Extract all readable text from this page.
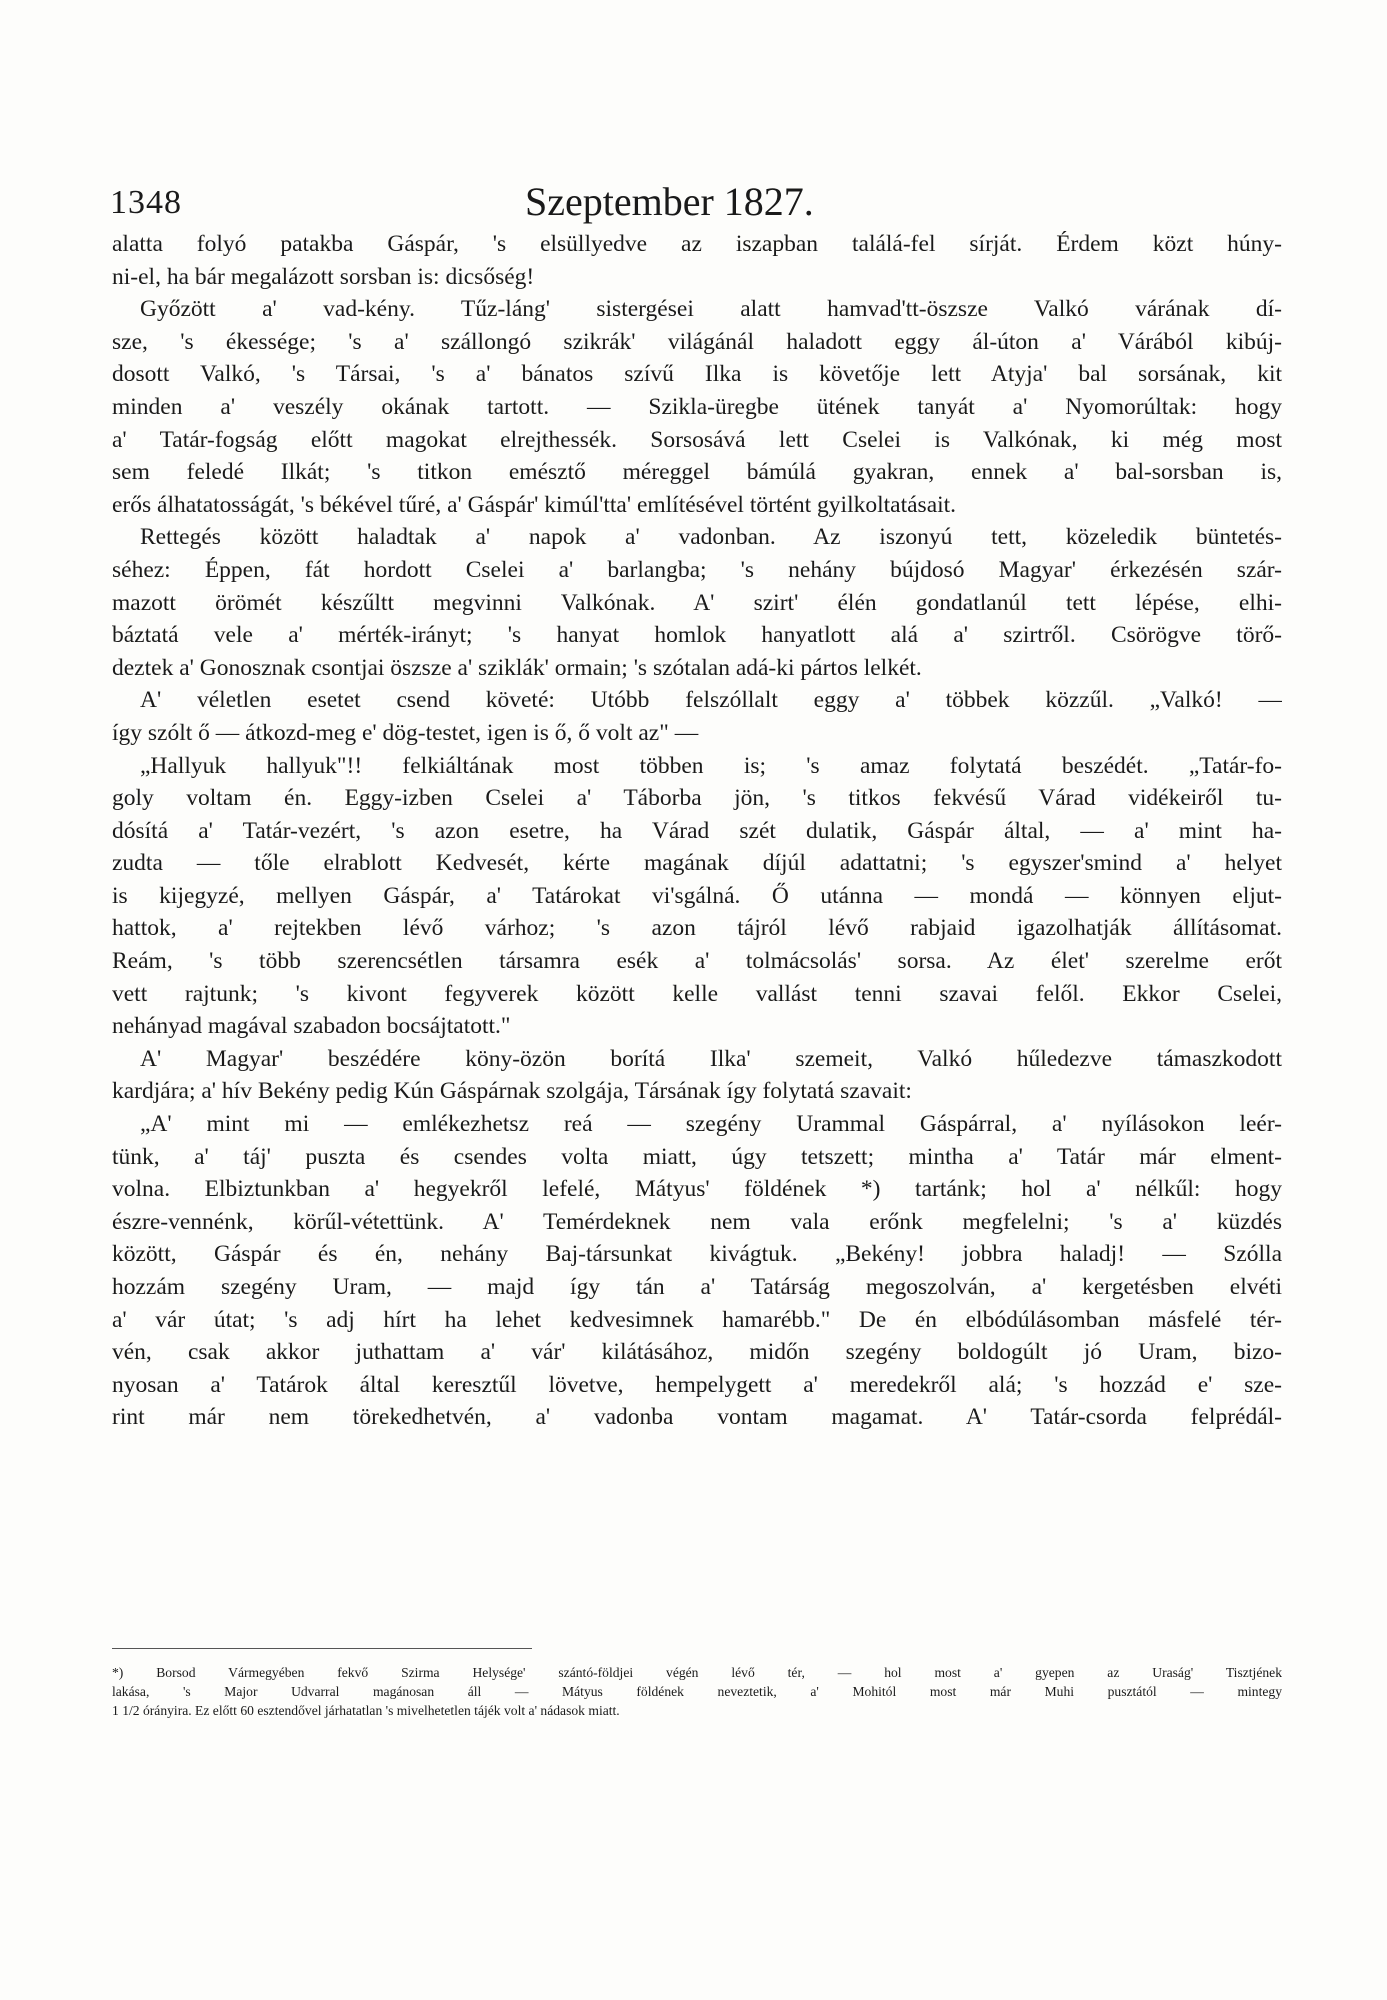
1348	Szeptember 1827.
alatta folyó patakba Gáspár, 's elsüllyedve az iszapban találá-fel sírját. Érdem közt húny-
ni-el, ha bár megalázott sorsban is: dicsőség!
Győzött a' vad-kény. Tűz-láng' sistergései alatt hamvad'tt-öszsze Valkó várának dí-
sze, 's ékessége; 's a' szállongó szikrák' világánál haladott eggy ál-úton a' Várából kibúj-
dosott Valkó, 's Társai, 's a' bánatos szívű Ilka is követője lett Atyja' bal sorsának, kit
minden a' veszély okának tartott. — Szikla-üregbe ütének tanyát a' Nyomorúltak: hogy
a' Tatár-fogság előtt magokat elrejthessék. Sorsosává lett Cselei is Valkónak, ki még most
sem feledé Ilkát; 's titkon emésztő méreggel bámúlá gyakran, ennek a' bal-sorsban is,
erős álhatatosságát, 's békével tűré, a' Gáspár' kimúl'tta' említésével történt gyilkoltatásait.
Rettegés között haladtak a' napok a' vadonban. Az iszonyú tett, közeledik büntetés-
séhez: Éppen, fát hordott Cselei a' barlangba; 's nehány bújdosó Magyar' érkezésén szár-
mazott örömét készűltt megvinni Valkónak. A' szirt' élén gondatlanúl tett lépése, elhi-
báztatá vele a' mérték-irányt; 's hanyat homlok hanyatlott alá a' szirtről. Csörögve törő-
deztek a' Gonosznak csontjai öszsze a' sziklák' ormain; 's szótalan adá-ki pártos lelkét.
A' véletlen esetet csend követé: Utóbb felszóllalt eggy a' többek közzűl. „Valkó! —
így szólt ő — átkozd-meg e' dög-testet, igen is ő, ő volt az" —
„Hallyuk hallyuk"!! felkiáltának most többen is; 's amaz folytatá beszédét. „Tatár-fo-
goly voltam én. Eggy-izben Cselei a' Táborba jön, 's titkos fekvésű Várad vidékeiről tu-
dósítá a' Tatár-vezért, 's azon esetre, ha Várad szét dulatik, Gáspár által, — a' mint ha-
zudta — tőle elrablott Kedvesét, kérte magának díjúl adattatni; 's egyszer'smind a' helyet
is kijegyzé, mellyen Gáspár, a' Tatárokat vi'sgálná. Ő utánna — mondá — könnyen eljut-
hattok, a' rejtekben lévő várhoz; 's azon tájról lévő rabjaid igazolhatják állításomat.
Reám, 's több szerencsétlen társamra esék a' tolmácsolás' sorsa. Az élet' szerelme erőt
vett rajtunk; 's kivont fegyverek között kelle vallást tenni szavai felől. Ekkor Cselei,
nehányad magával szabadon bocsájtatott."
A' Magyar' beszédére köny-özön borítá Ilka' szemeit, Valkó hűledezve támaszkodott
kardjára; a' hív Bekény pedig Kún Gáspárnak szolgája, Társának így folytatá szavait:
„A' mint mi — emlékezhetsz reá — szegény Urammal Gáspárral, a' nyílásokon leér-
tünk, a' táj' puszta és csendes volta miatt, úgy tetszett; mintha a' Tatár már elment-
volna. Elbiztunkban a' hegyekről lefelé, Mátyus' földének *) tartánk; hol a' nélkűl: hogy
észre-vennénk, körűl-vétettünk. A' Temérdeknek nem vala erőnk megfelelni; 's a' küzdés
között, Gáspár és én, nehány Baj-társunkat kivágtuk. „Bekény! jobbra haladj! — Szólla
hozzám szegény Uram, — majd így tán a' Tatárság megoszolván, a' kergetésben elvéti
a' vár útat; 's adj hírt ha lehet kedvesimnek hamarébb." De én elbódúlásomban másfelé tér-
vén, csak akkor juthattam a' vár' kilátásához, midőn szegény boldogúlt jó Uram, bizo-
nyosan a' Tatárok által keresztűl lövetve, hempelygett a' meredekről alá; 's hozzád e' sze-
rint már nem törekedhetvén, a' vadonba vontam magamat. A' Tatár-csorda felprédál-
*) Borsod Vármegyében fekvő Szirma Helysége' szántó-földjei végén lévő tér, — hol most a' gyepen az Uraság' Tisztjének
lakása, 's Major Udvarral magánosan áll — Mátyus földének neveztetik, a' Mohitól most már Muhi pusztától — mintegy
1 1/2 órányira. Ez előtt 60 esztendővel járhatatlan 's mivelhetetlen tájék volt a' nádasok miatt.
